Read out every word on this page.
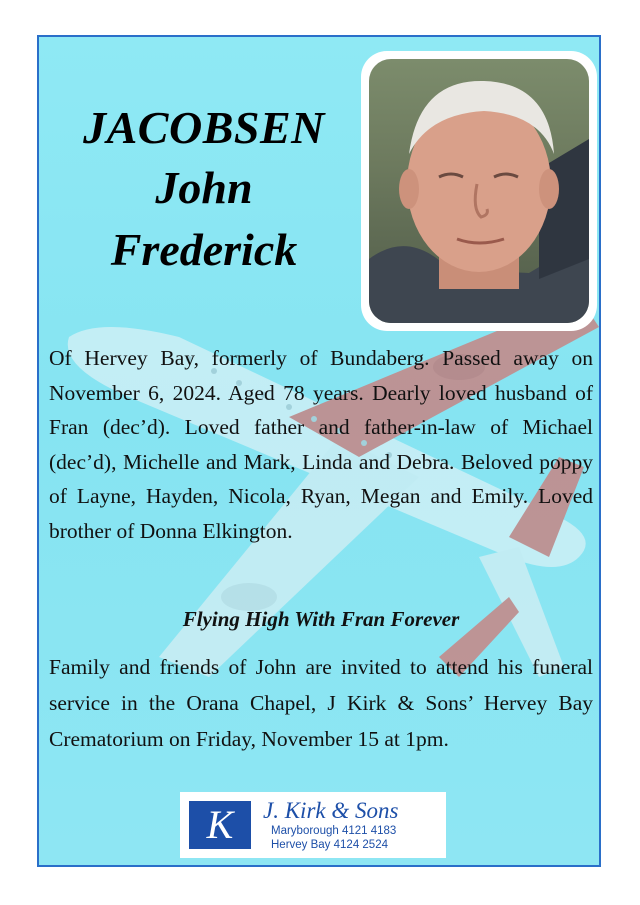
JACOBSEN
John
Frederick
Of Hervey Bay, formerly of Bundaberg. Passed away on November 6, 2024. Aged 78 years. Dearly loved husband of Fran (dec’d). Loved father and father-in-law of Michael (dec’d), Michelle and Mark, Linda and Debra. Beloved poppy of Layne, Hayden, Nicola, Ryan, Megan and Emily. Loved brother of Donna Elkington.
Flying High With Fran Forever
Family and friends of John are invited to attend his funeral service in the Orana Chapel, J Kirk & Sons’ Hervey Bay Crematorium on Friday, November 15 at 1pm.
K J. Kirk & Sons
Maryborough 4121 4183
Hervey Bay 4124 2524
